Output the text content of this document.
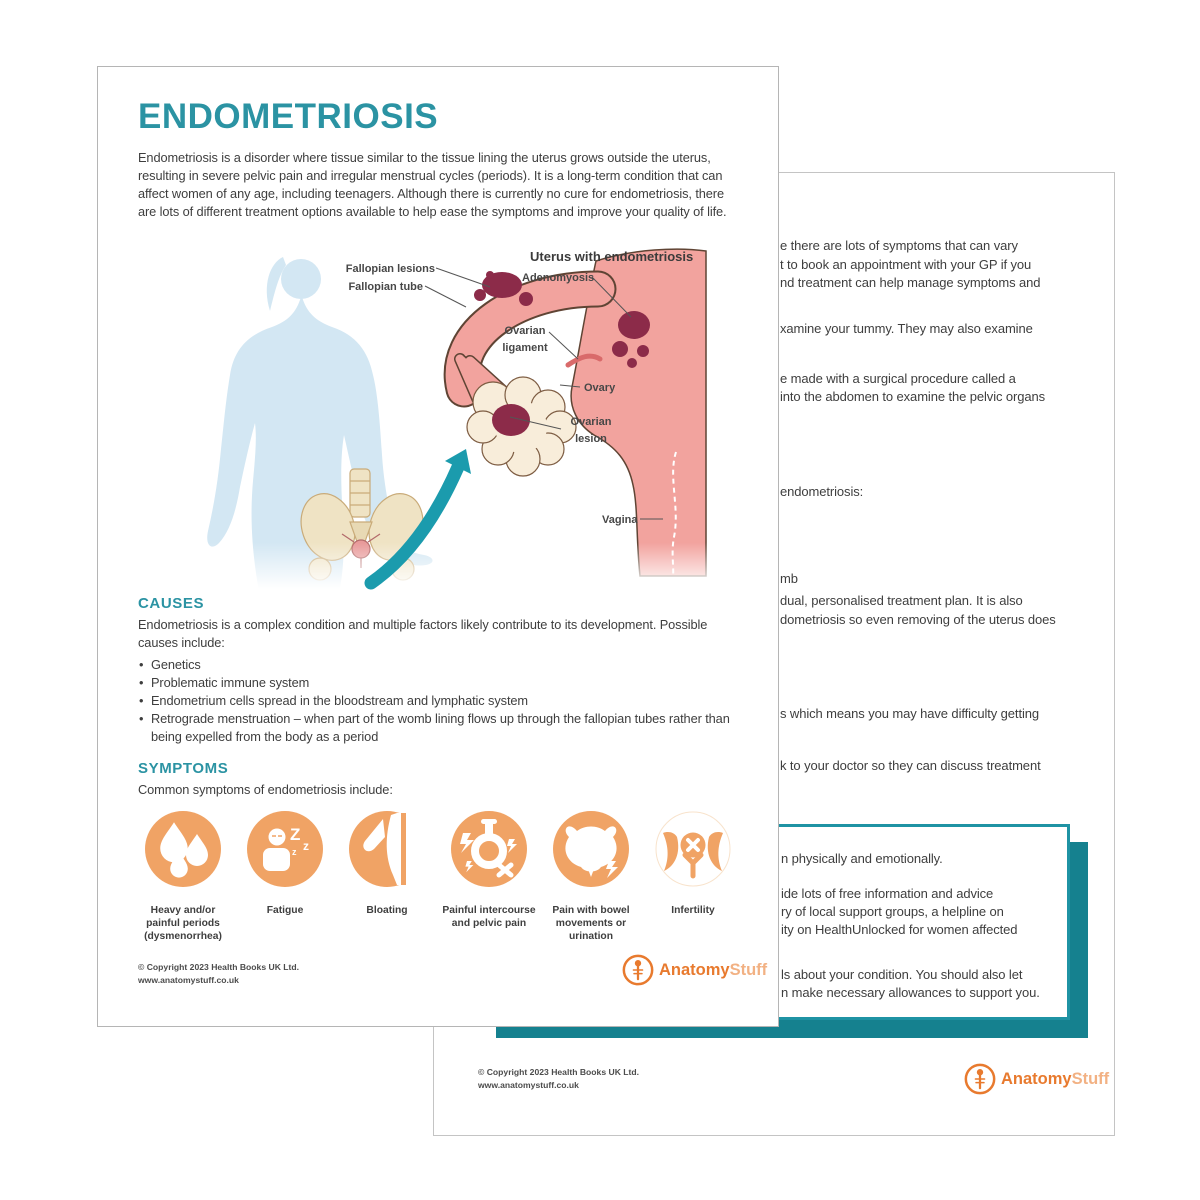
e there are lots of symptoms that can vary
t to book an appointment with your GP if you
nd treatment can help manage symptoms and
xamine your tummy. They may also examine
e made with a surgical procedure called a
into the abdomen to examine the pelvic organs
endometriosis:
mb
dual, personalised treatment plan. It is also
dometriosis so even removing of the uterus does
s which means you may have difficulty getting
k to your doctor so they can discuss treatment
n physically and emotionally.
ide lots of free information and advice
ry of local support groups, a helpline on
ity on HealthUnlocked for women affected
ls about your condition. You should also let
n make necessary allowances to support you.
© Copyright 2023 Health Books UK Ltd.
www.anatomystuff.co.uk	Anatomy Stuff
ENDOMETRIOSIS

Endometriosis is a disorder where tissue similar to the tissue lining the uterus grows outside the uterus, resulting in severe pelvic pain and irregular menstrual cycles (periods). It is a long-term condition that can affect women of any age, including teenagers. Although there is currently no cure for endometriosis, there are lots of different treatment options available to help ease the symptoms and improve your quality of life.

Uterus with endometriosis
Fallopian lesions
Fallopian tube
Adenomyosis
Ovarian
ligament
Ovary
Ovarian
lesion
Vagina
CAUSES

Endometriosis is a complex condition and multiple factors likely contribute to its development. Possible causes include:

• Genetics
• Problematic immune system
• Endometrium cells spread in the bloodstream and lymphatic system
• Retrograde menstruation – when part of the womb lining flows up through the fallopian tubes rather than being expelled from the body as a period
SYMPTOMS

Common symptoms of endometriosis include:

Heavy and/or painful periods (dysmenorrhea)
Z
z
z
Fatigue	Bloating	Painful intercourse and pelvic pain
Pain with bowel movements or urination
Infertility
© Copyright 2023 Health Books UK Ltd.
www.anatomystuff.co.uk
Anatomy Stuff
